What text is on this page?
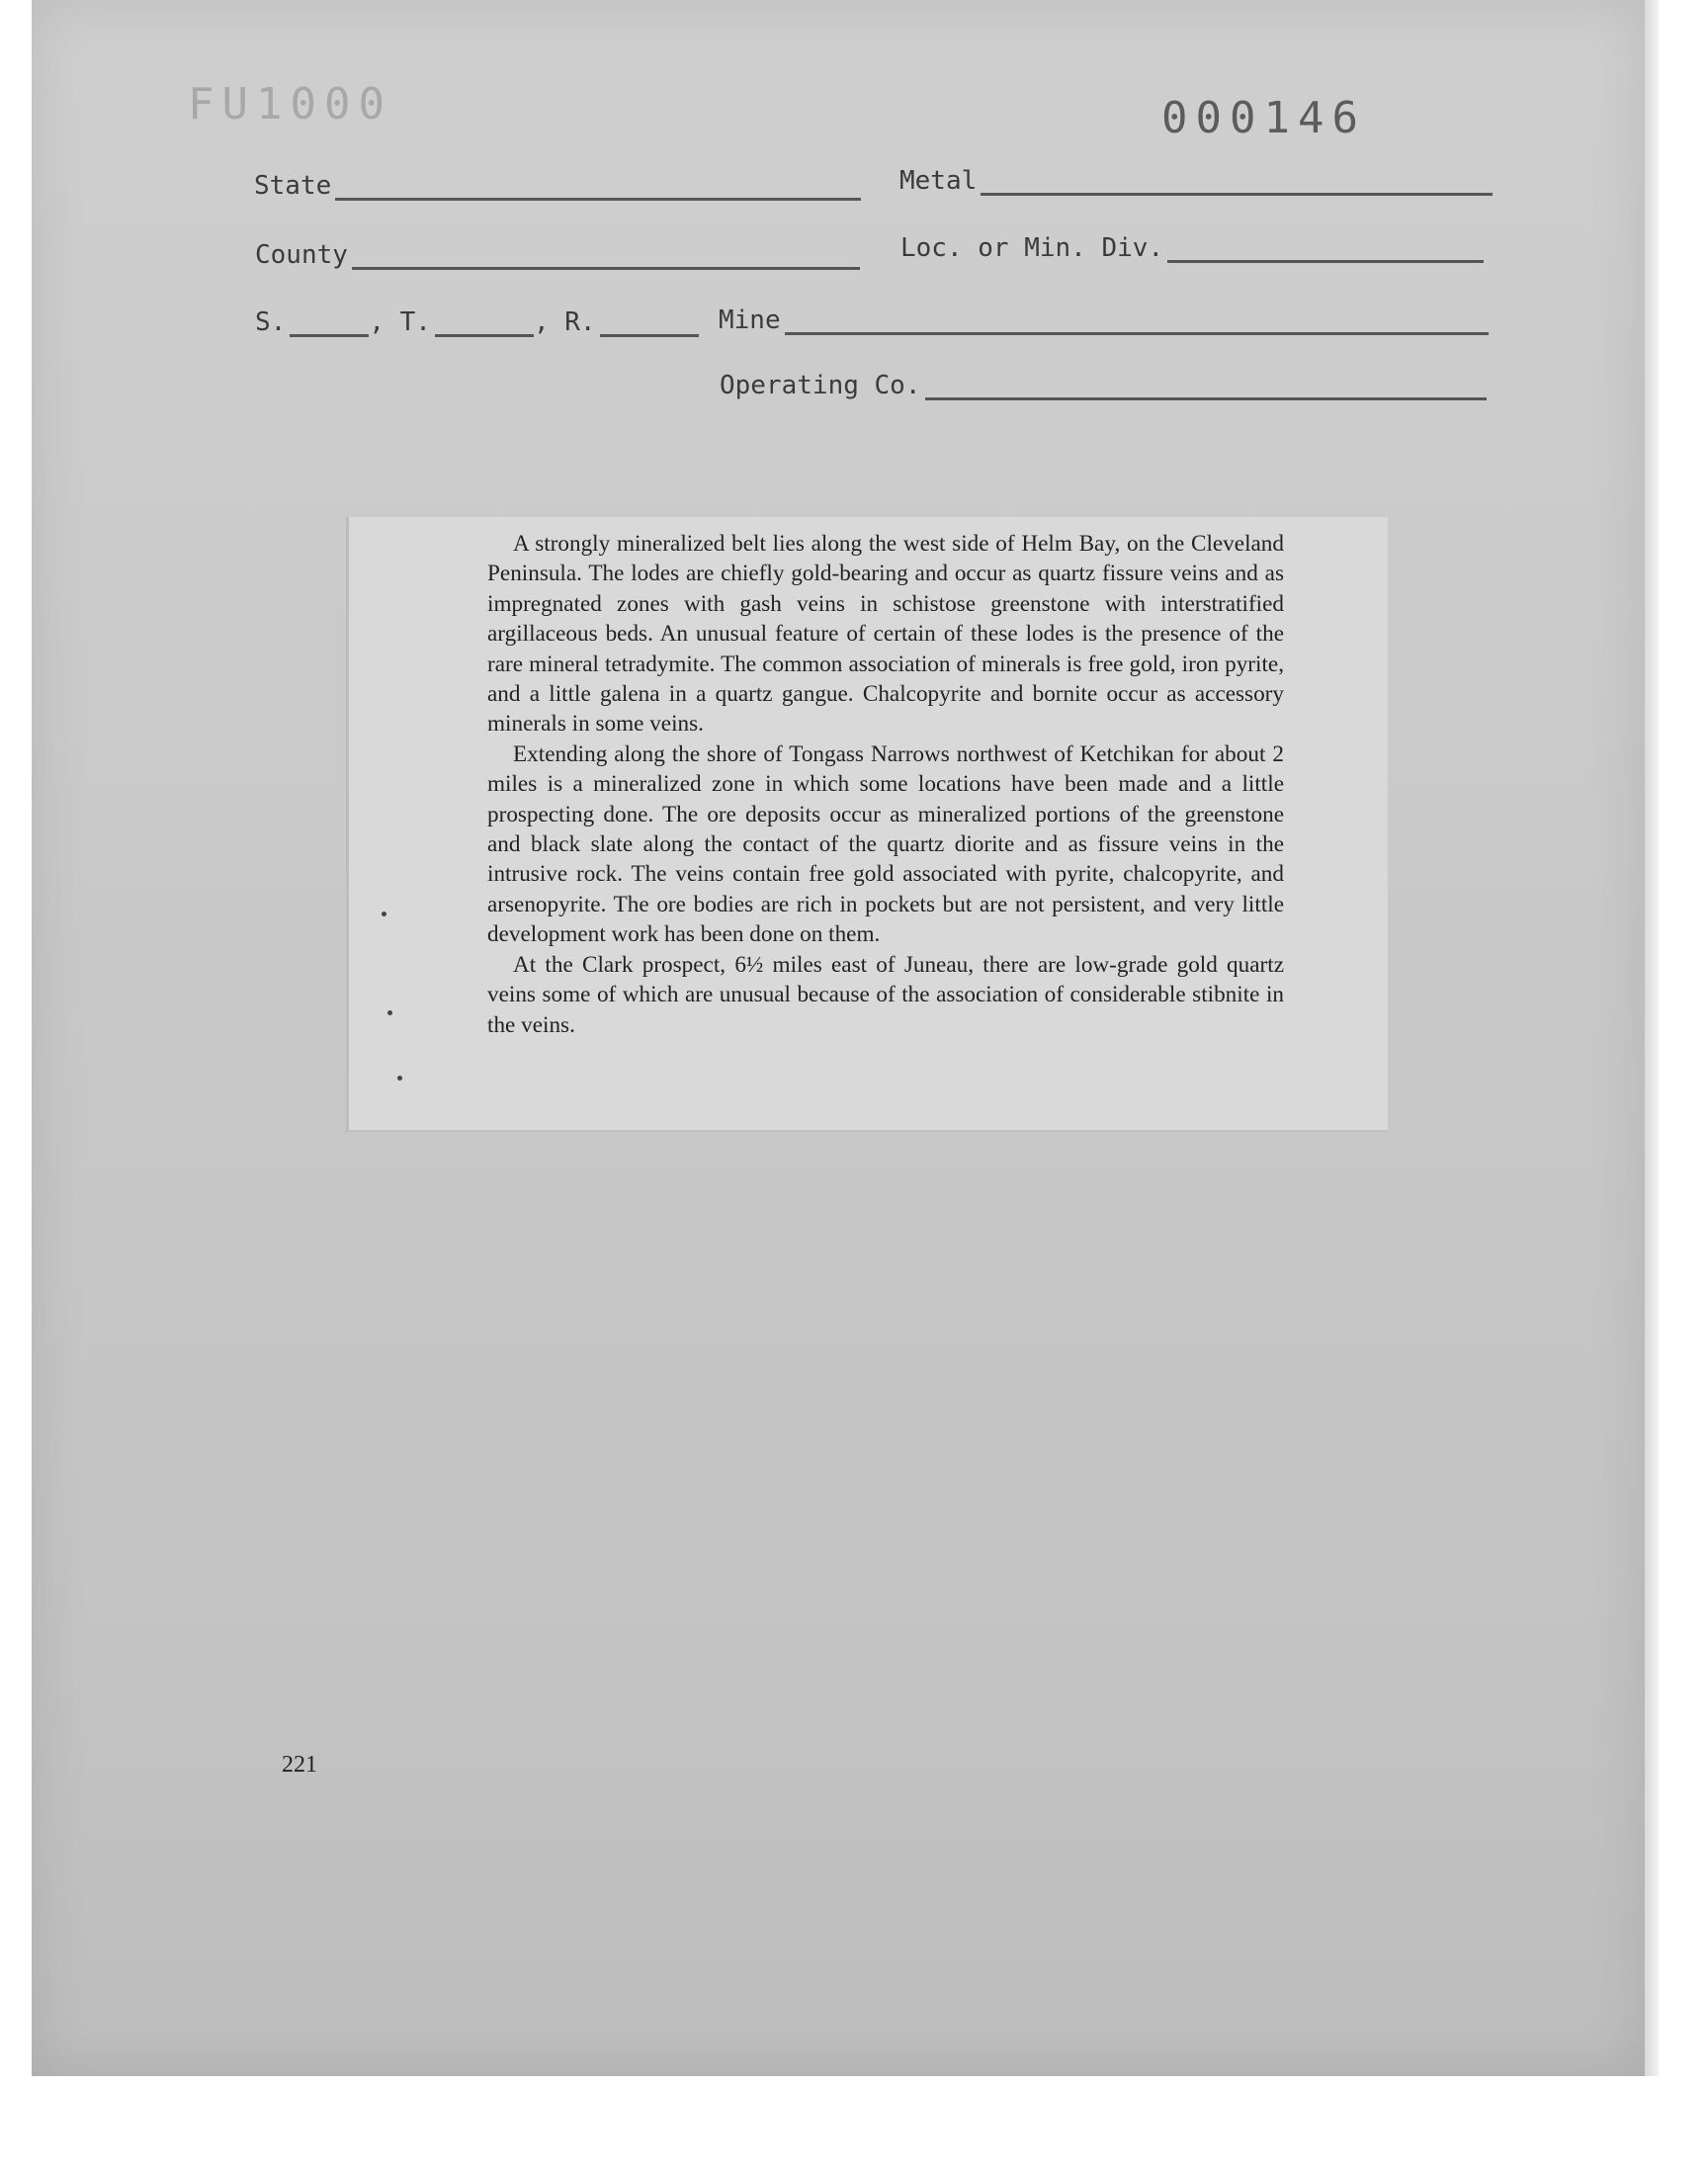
FU1000	000146
State	Metal
County	Loc. or Min. Div.
S.	, T.	, R.	Mine
Operating Co.

A strongly mineralized belt lies along the west side of Helm Bay, on the Cleveland Peninsula. The lodes are chiefly gold-bearing and occur as quartz fissure veins and as impregnated zones with gash veins in schistose greenstone with interstratified argillaceous beds. An unusual feature of certain of these lodes is the presence of the rare mineral tetradymite. The common association of minerals is free gold, iron pyrite, and a little galena in a quartz gangue. Chalcopyrite and bornite occur as accessory minerals in some veins.

Extending along the shore of Tongass Narrows northwest of Ketchikan for about 2 miles is a mineralized zone in which some locations have been made and a little prospecting done. The ore deposits occur as mineralized portions of the greenstone and black slate along the contact of the quartz diorite and as fissure veins in the intrusive rock. The veins contain free gold associated with pyrite, chalcopyrite, and arsenopyrite. The ore bodies are rich in pockets but are not persistent, and very little development work has been done on them.

At the Clark prospect, 6½ miles east of Juneau, there are low-grade gold quartz veins some of which are unusual because of the association of considerable stibnite in the veins.

221
